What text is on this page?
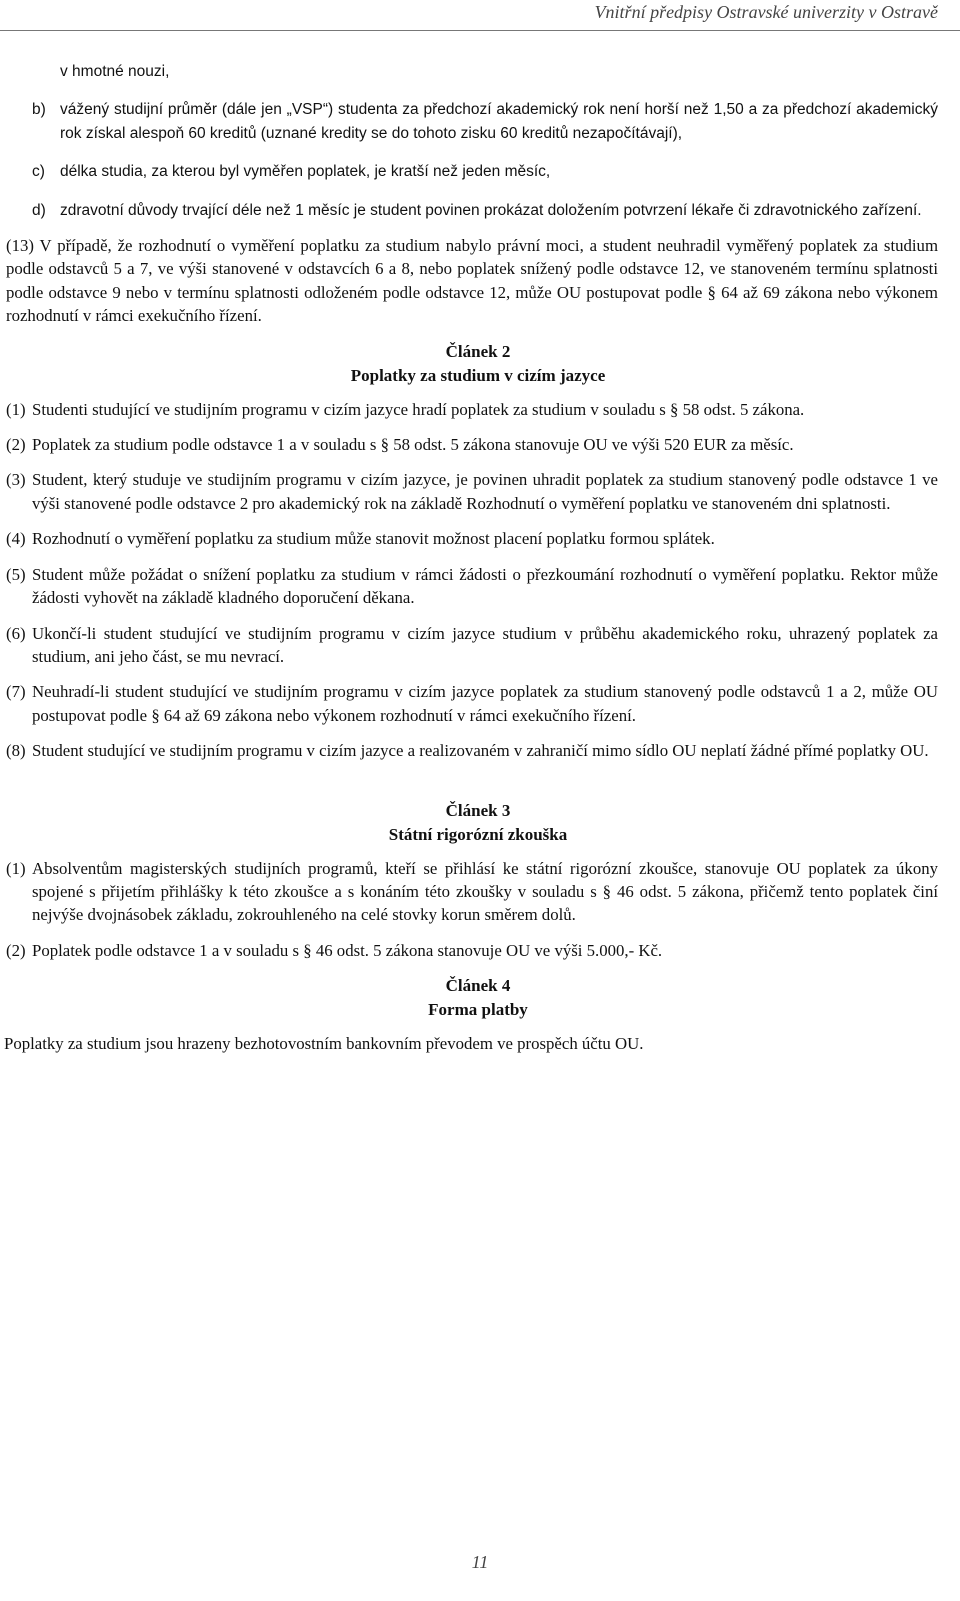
Vnitřní předpisy Ostravské univerzity v Ostravě

v hmotné nouzi,

b) vážený studijní průměr (dále jen „VSP“) studenta za předchozí akademický rok není horší než 1,50 a za předchozí akademický rok získal alespoň 60 kreditů (uznané kredity se do tohoto zisku 60 kreditů nezapočítávají),

c) délka studia, za kterou byl vyměřen poplatek, je kratší než jeden měsíc,

d) zdravotní důvody trvající déle než 1 měsíc je student povinen prokázat doložením potvrzení lékaře či zdravotnického zařízení.

(13) V případě, že rozhodnutí o vyměření poplatku za studium nabylo právní moci, a student neuhradil vyměřený poplatek za studium podle odstavců 5 a 7, ve výši stanovené v odstavcích 6 a 8, nebo poplatek snížený podle odstavce 12, ve stanoveném termínu splatnosti podle odstavce 9 nebo v termínu splatnosti odloženém podle odstavce 12, může OU postupovat podle § 64 až 69 zákona nebo výkonem rozhodnutí v rámci exekučního řízení.

Článek 2
Poplatky za studium v cizím jazyce

(1) Studenti studující ve studijním programu v cizím jazyce hradí poplatek za studium v souladu s § 58 odst. 5 zákona.

(2) Poplatek za studium podle odstavce 1 a v souladu s § 58 odst. 5 zákona stanovuje OU ve výši 520 EUR za měsíc.

(3) Student, který studuje ve studijním programu v cizím jazyce, je povinen uhradit poplatek za studium stanovený podle odstavce 1 ve výši stanovené podle odstavce 2 pro akademický rok na základě Rozhodnutí o vyměření poplatku ve stanoveném dni splatnosti.

(4) Rozhodnutí o vyměření poplatku za studium může stanovit možnost placení poplatku formou splátek.

(5) Student může požádat o snížení poplatku za studium v rámci žádosti o přezkoumání rozhodnutí o vyměření poplatku. Rektor může žádosti vyhovět na základě kladného doporučení děkana.

(6) Ukončí-li student studující ve studijním programu v cizím jazyce studium v průběhu akademického roku, uhrazený poplatek za studium, ani jeho část, se mu nevrací.

(7) Neuhradí-li student studující ve studijním programu v cizím jazyce poplatek za studium stanovený podle odstavců 1 a 2, může OU postupovat podle § 64 až 69 zákona nebo výkonem rozhodnutí v rámci exekučního řízení.

(8) Student studující ve studijním programu v cizím jazyce a realizovaném v zahraničí mimo sídlo OU neplatí žádné přímé poplatky OU.

Článek 3
Státní rigorózní zkouška

(1) Absolventům magisterských studijních programů, kteří se přihlásí ke státní rigorózní zkoušce, stanovuje OU poplatek za úkony spojené s přijetím přihlášky k této zkoušce a s konáním této zkoušky v souladu s § 46 odst. 5 zákona, přičemž tento poplatek činí nejvýše dvojnásobek základu, zokrouhleného na celé stovky korun směrem dolů.

(2) Poplatek podle odstavce 1 a v souladu s § 46 odst. 5 zákona stanovuje OU ve výši 5.000,- Kč.

Článek 4
Forma platby

Poplatky za studium jsou hrazeny bezhotovostním bankovním převodem ve prospěch účtu OU.

11
